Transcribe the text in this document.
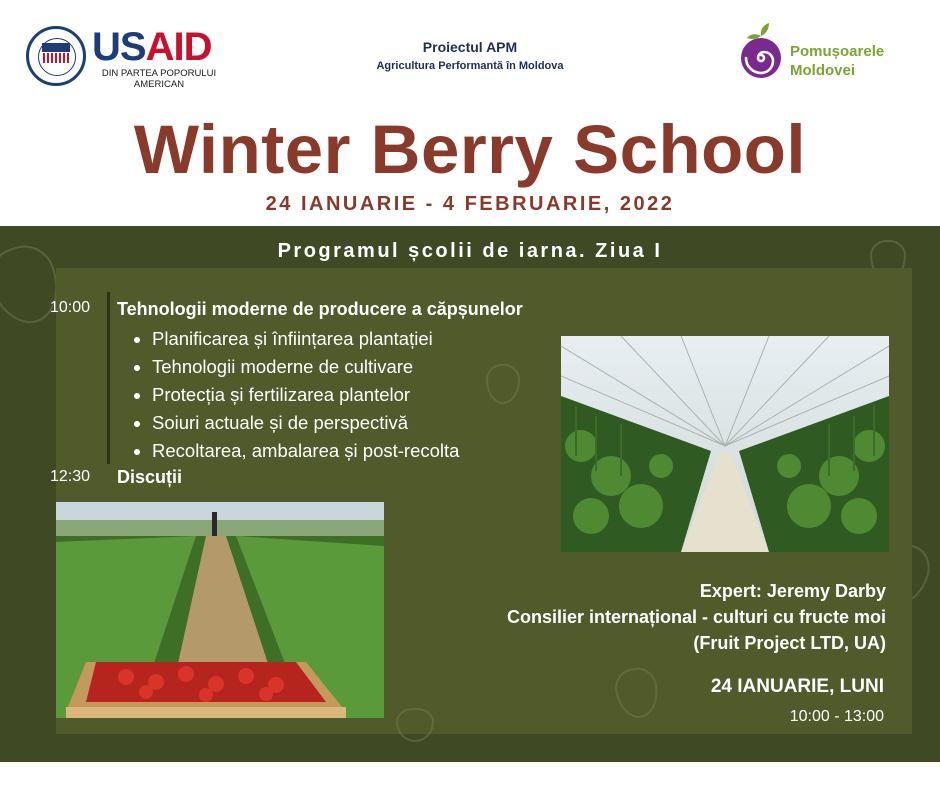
USAID
DIN PARTEA POPORULUI
AMERICAN
Proiectul APM
Agricultura Performantă în Moldova
Pomușoarele
Moldovei
Winter Berry School
24 IANUARIE - 4 FEBRUARIE, 2022
Programul școlii de iarna. Ziua I
10:00 Tehnologii moderne de producere a căpșunelor
• Planificarea și înființarea plantației
• Tehnologii moderne de cultivare
• Protecția și fertilizarea plantelor
• Soiuri actuale și de perspectivă
• Recoltarea, ambalarea și post-recolta
12:30 Discuții
Expert: Jeremy Darby
Consilier internațional - culturi cu fructe moi
(Fruit Project LTD, UA)
24 IANUARIE, LUNI
10:00 - 13:00
